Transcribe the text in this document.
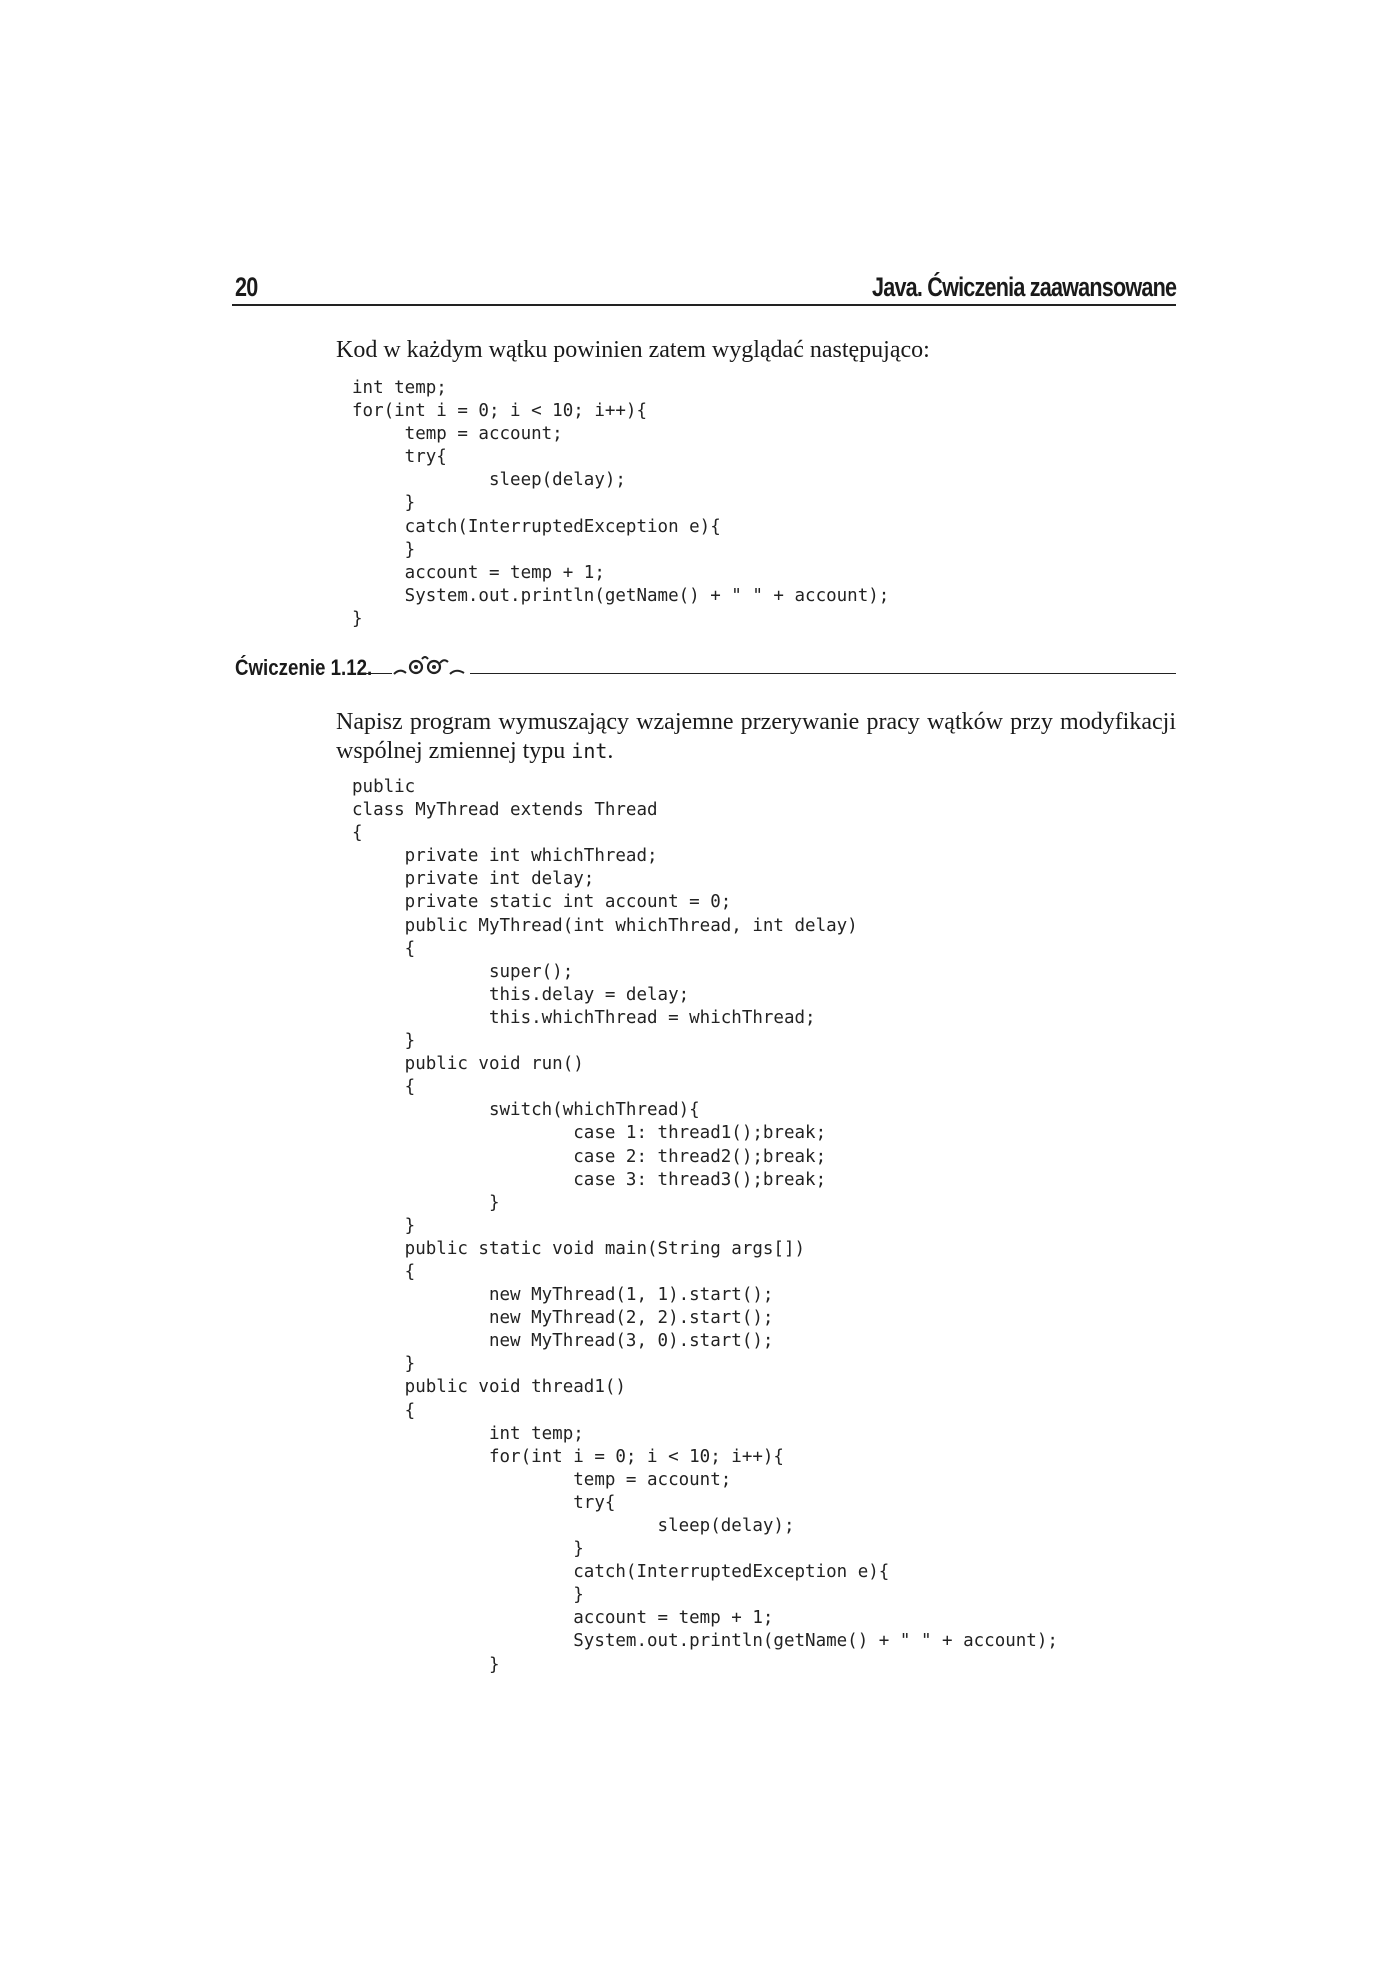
20	Java. Ćwiczenia zaawansowane

Kod w każdym wątku powinien zatem wyglądać następująco:

int temp;
for(int i = 0; i < 10; i++){
temp = account;
try{
sleep(delay);
}
catch(InterruptedException e){
}
account = temp + 1;
System.out.println(getName() + " " + account);
}
Ćwiczenie 1.12.

Napisz program wymuszający wzajemne przerywanie pracy wątków przy modyfikacji wspólnej zmiennej typu int.

public
class MyThread extends Thread
{
private int whichThread;
private int delay;
private static int account = 0;
public MyThread(int whichThread, int delay)
{
super();
this.delay = delay;
this.whichThread = whichThread;
}
public void run()
{
switch(whichThread){
case 1: thread1();break;
case 2: thread2();break;
case 3: thread3();break;
}
}
public static void main(String args[])
{
new MyThread(1, 1).start();
new MyThread(2, 2).start();
new MyThread(3, 0).start();
}
public void thread1()
{
int temp;
for(int i = 0; i < 10; i++){
temp = account;
try{
sleep(delay);
}
catch(InterruptedException e){
}
account = temp + 1;
System.out.println(getName() + " " + account);
}
